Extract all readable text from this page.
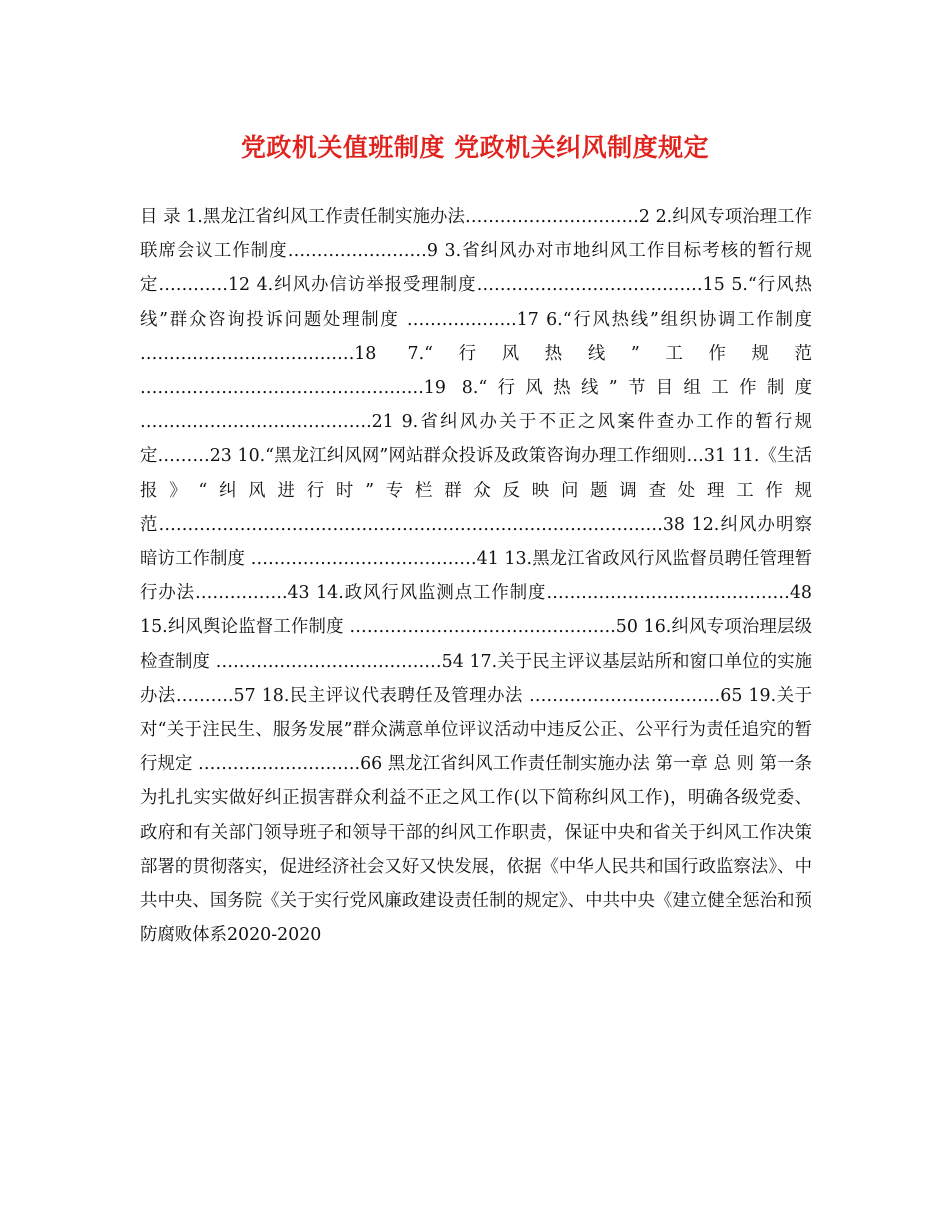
党政机关值班制度 党政机关纠风制度规定

目 录 1.黑龙江省纠风工作责任制实施办法…………………………2 2.纠风专项治理工作联席会议工作制度……………………9 3.省纠风办对市地纠风工作目标考核的暂行规定…………12 4.纠风办信访举报受理制度…………………………………15 5.“行风热线”群众咨询投诉问题处理制度 ……………….17 6.“行风热线”组织协调工作制度 ……………………………….18 7.“行风热线”工作规范 ………………………………………….19 8.“行风热线”节目组工作制度 ………………………………….21 9.省纠风办关于不正之风案件查办工作的暂行规定………23 10.“黑龙江纠风网”网站群众投诉及政策咨询办理工作细则…31 11.《生活报》“纠风进行时”专栏群众反映问题调查处理工作规范……………………………………………………………………………38 12.纠风办明察暗访工作制度 …………………………………41 13.黑龙江省政风行风监督员聘任管理暂行办法…………….43 14.政风行风监测点工作制度……………………………………48 15.纠风舆论监督工作制度 ……………………………………….50 16.纠风专项治理层级检查制度 …………………………………54 17.关于民主评议基层站所和窗口单位的实施办法……….57 18.民主评议代表聘任及管理办法 ……………………………65 19.关于对“关于注民生、服务发展”群众满意单位评议活动中违反公正、公平行为责任追究的暂行规定 ……………………….66 黑龙江省纠风工作责任制实施办法 第一章 总 则 第一条 为扎扎实实做好纠正损害群众利益不正之风工作(以下简称纠风工作)，明确各级党委、政府和有关部门领导班子和领导干部的纠风工作职责，保证中央和省关于纠风工作决策部署的贯彻落实，促进经济社会又好又快发展，依据《中华人民共和国行政监察法》、中共中央、国务院《关于实行党风廉政建设责任制的规定》、中共中央《建立健全惩治和预防腐败体系2020-2020
